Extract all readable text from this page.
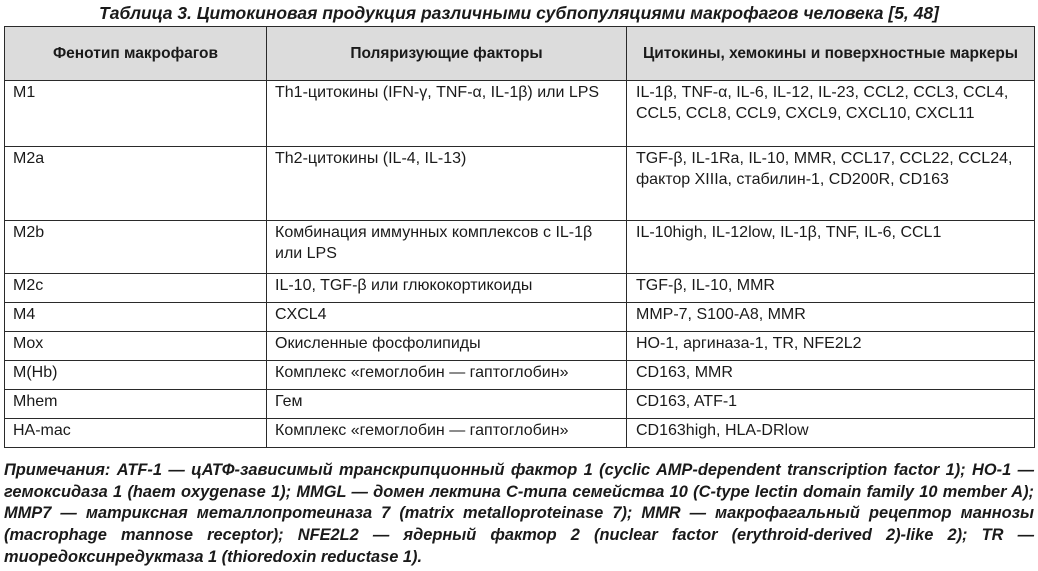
Таблица 3. Цитокиновая продукция различными субпопуляциями макрофагов человека [5, 48]
Фенотип макрофагов	Поляризующие факторы	Цитокины, хемокины и поверхностные маркеры
M1	Th1-цитокины (IFN-γ, TNF-α, IL-1β) или LPS	IL-1β, TNF-α, IL-6, IL-12, IL-23, CCL2, CCL3, CCL4, CCL5, CCL8, CCL9, CXCL9, CXCL10, CXCL11
M2a	Th2-цитокины (IL-4, IL-13)	TGF-β, IL-1Ra, IL-10, MMR, CCL17, CCL22, CCL24, фактор XIIIa, стабилин-1, CD200R, CD163
M2b	Комбинация иммунных комплексов с IL-1β или LPS	IL-10high, IL-12low, IL-1β, TNF, IL-6, CCL1
M2c	IL-10, TGF-β или глюкокортикоиды	TGF-β, IL-10, MMR
M4	CXCL4	MMP-7, S100-A8, MMR
Mox	Окисленные фосфолипиды	HO-1, аргиназа-1, TR, NFE2L2
M(Hb)	Комплекс «гемоглобин — гаптоглобин»	CD163, MMR
Mhem	Гем	CD163, ATF-1
HA-mac	Комплекс «гемоглобин — гаптоглобин»	CD163high, HLA-DRlow
Примечания: ATF-1 — цАТФ-зависимый транскрипционный фактор 1 (cyclic AMP-dependent transcription factor 1); HO-1 — гемоксидаза 1 (haem oxygenase 1); MMGL — домен лектина С-типа семейства 10 (C-type lectin domain family 10 member A); MMP7 — матриксная металлопротеиназа 7 (matrix metalloproteinase 7); MMR — макрофагальный рецептор маннозы (macrophage mannose receptor); NFE2L2 — ядерный фактор 2 (nuclear factor (erythroid-derived 2)-like 2); TR — тиоредоксинредуктаза 1 (thioredoxin reductase 1).
